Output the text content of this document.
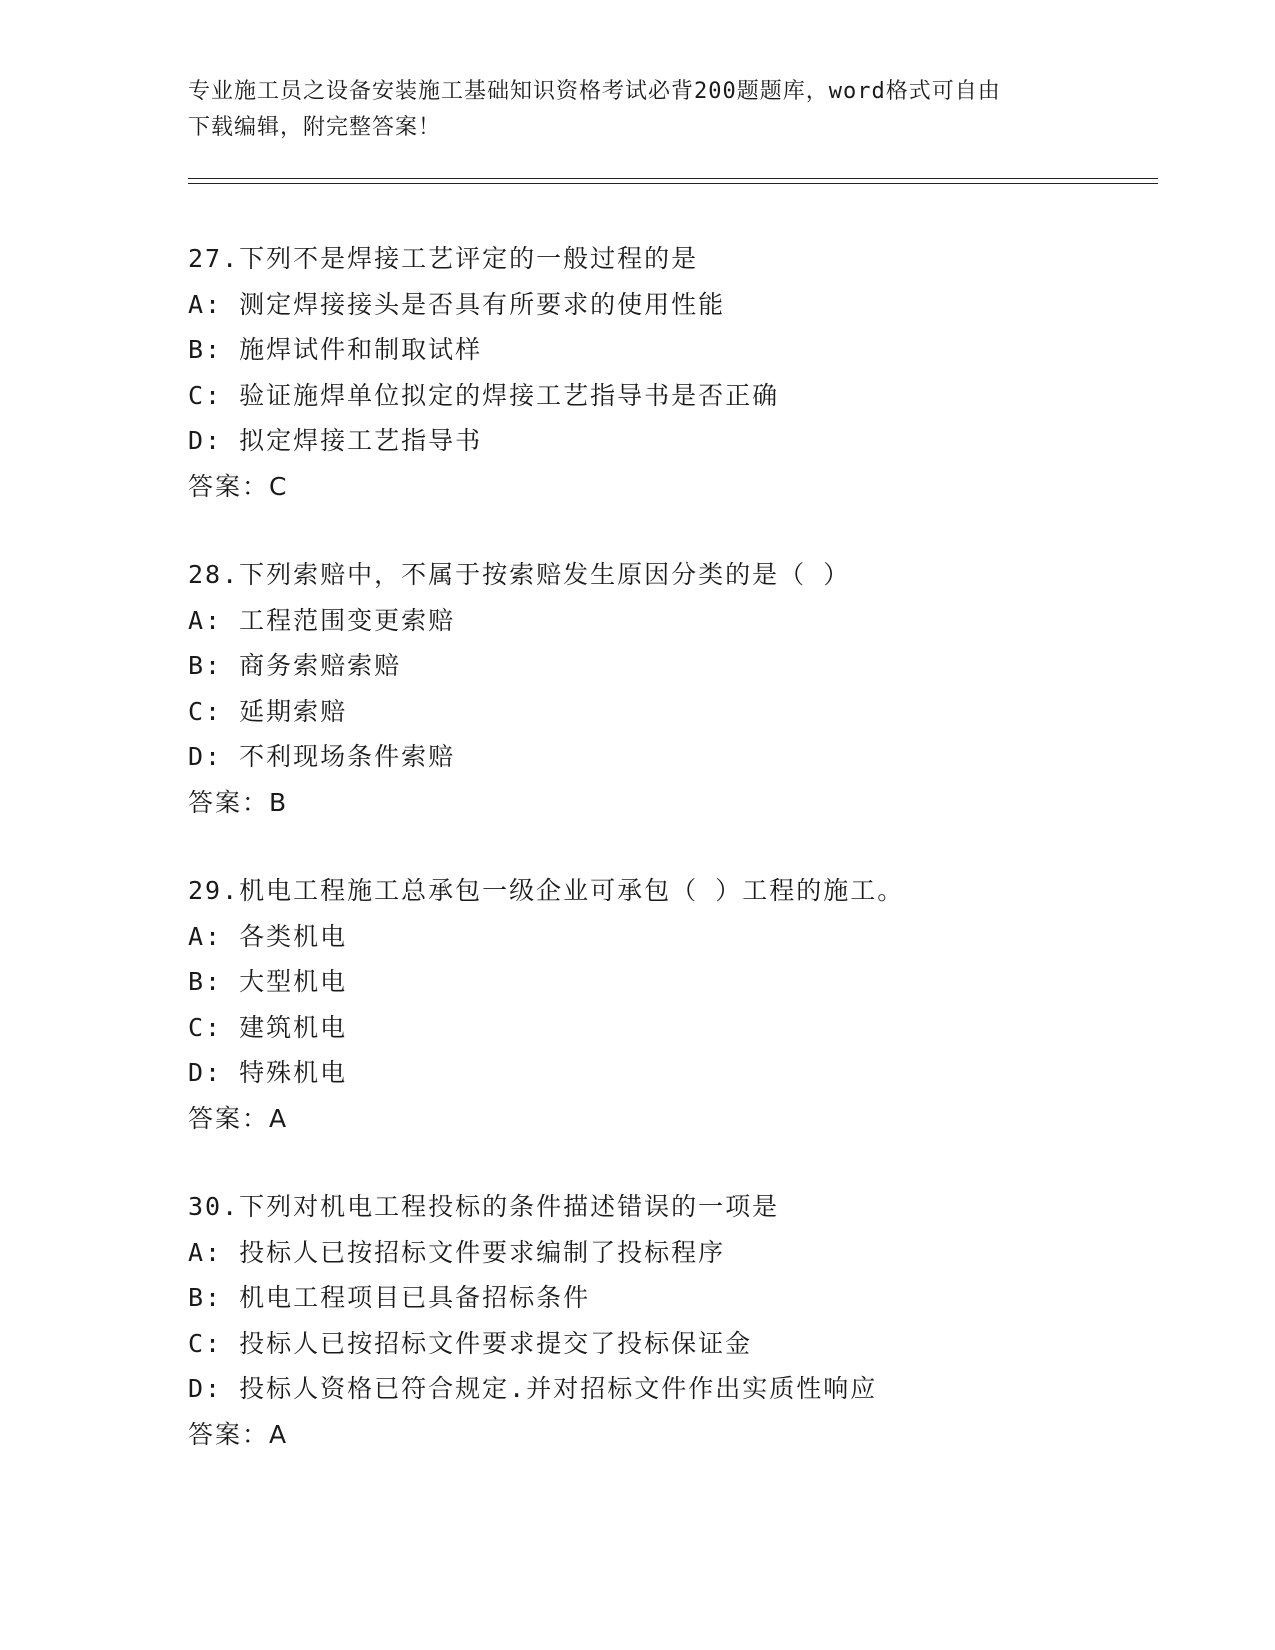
专业施工员之设备安装施工基础知识资格考试必背200题题库，word格式可自由
下载编辑，附完整答案！
27.下列不是焊接工艺评定的一般过程的是
A: 测定焊接接头是否具有所要求的使用性能
B: 施焊试件和制取试样
C: 验证施焊单位拟定的焊接工艺指导书是否正确
D: 拟定焊接工艺指导书
答案：C
28.下列索赔中，不属于按索赔发生原因分类的是（ ）
A: 工程范围变更索赔
B: 商务索赔索赔
C: 延期索赔
D: 不利现场条件索赔
答案：B
29.机电工程施工总承包一级企业可承包（ ）工程的施工。
A: 各类机电
B: 大型机电
C: 建筑机电
D: 特殊机电
答案：A
30.下列对机电工程投标的条件描述错误的一项是
A: 投标人已按招标文件要求编制了投标程序
B: 机电工程项目已具备招标条件
C: 投标人已按招标文件要求提交了投标保证金
D: 投标人资格已符合规定.并对招标文件作出实质性响应
答案：A
